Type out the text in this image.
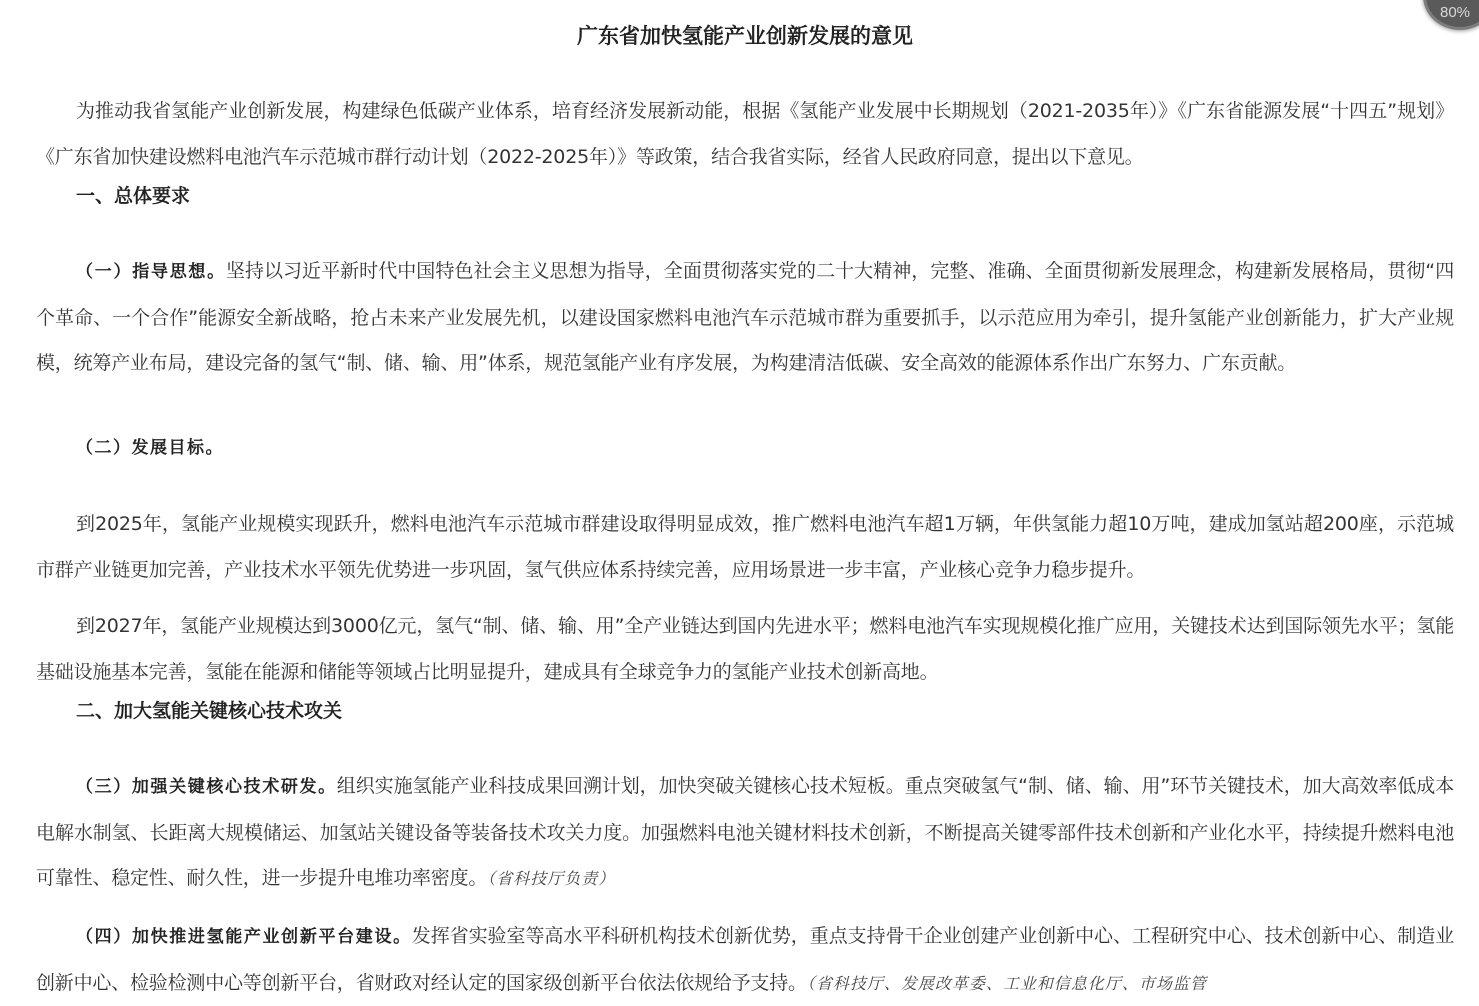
广东省加快氢能产业创新发展的意见

为推动我省氢能产业创新发展，构建绿色低碳产业体系，培育经济发展新动能，根据《氢能产业发展中长期规划（2021-2035年）》《广东省能源发展“十四五”规划》《广东省加快建设燃料电池汽车示范城市群行动计划（2022-2025年）》等政策，结合我省实际，经省人民政府同意，提出以下意见。

一、总体要求

（一）指导思想。坚持以习近平新时代中国特色社会主义思想为指导，全面贯彻落实党的二十大精神，完整、准确、全面贯彻新发展理念，构建新发展格局，贯彻“四个革命、一个合作”能源安全新战略，抢占未来产业发展先机，以建设国家燃料电池汽车示范城市群为重要抓手，以示范应用为牵引，提升氢能产业创新能力，扩大产业规模，统筹产业布局，建设完备的氢气“制、储、输、用”体系，规范氢能产业有序发展，为构建清洁低碳、安全高效的能源体系作出广东努力、广东贡献。

（二）发展目标。

到2025年，氢能产业规模实现跃升，燃料电池汽车示范城市群建设取得明显成效，推广燃料电池汽车超1万辆，年供氢能力超10万吨，建成加氢站超200座，示范城市群产业链更加完善，产业技术水平领先优势进一步巩固，氢气供应体系持续完善，应用场景进一步丰富，产业核心竞争力稳步提升。

到2027年，氢能产业规模达到3000亿元，氢气“制、储、输、用”全产业链达到国内先进水平；燃料电池汽车实现规模化推广应用，关键技术达到国际领先水平；氢能基础设施基本完善，氢能在能源和储能等领域占比明显提升，建成具有全球竞争力的氢能产业技术创新高地。

二、加大氢能关键核心技术攻关

（三）加强关键核心技术研发。组织实施氢能产业科技成果回溯计划，加快突破关键核心技术短板。重点突破氢气“制、储、输、用”环节关键技术，加大高效率低成本电解水制氢、长距离大规模储运、加氢站关键设备等装备技术攻关力度。加强燃料电池关键材料技术创新，不断提高关键零部件技术创新和产业化水平，持续提升燃料电池可靠性、稳定性、耐久性，进一步提升电堆功率密度。（省科技厅负责）

（四）加快推进氢能产业创新平台建设。发挥省实验室等高水平科研机构技术创新优势，重点支持骨干企业创建产业创新中心、工程研究中心、技术创新中心、制造业创新中心、检验检测中心等创新平台，省财政对经认定的国家级创新平台依法依规给予支持。（省科技厅、发展改革委、工业和信息化厅、市场监管

80%
